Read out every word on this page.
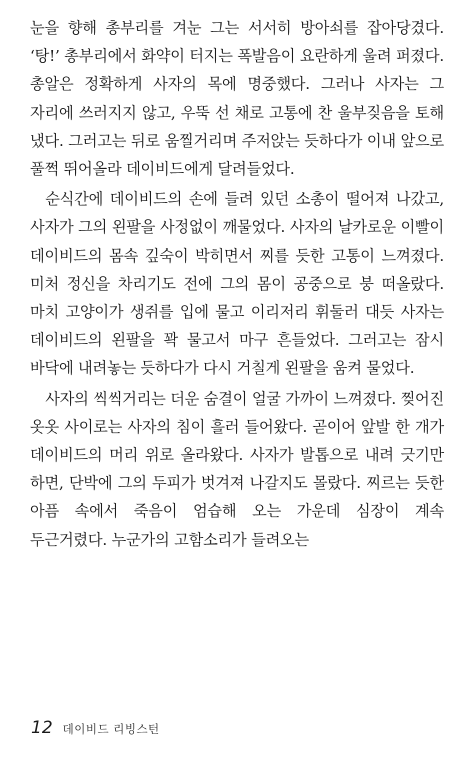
눈을 향해 총부리를 겨눈 그는 서서히 방아쇠를 잡아당겼다. ‘탕!’ 총부리에서 화약이 터지는 폭발음이 요란하게 울려 퍼졌다. 총알은 정확하게 사자의 목에 명중했다. 그러나 사자는 그 자리에 쓰러지지 않고, 우뚝 선 채로 고통에 찬 울부짖음을 토해 냈다. 그러고는 뒤로 움찔거리며 주저앉는 듯하다가 이내 앞으로 풀쩍 뛰어올라 데이비드에게 달려들었다.

순식간에 데이비드의 손에 들려 있던 소총이 떨어져 나갔고, 사자가 그의 왼팔을 사정없이 깨물었다. 사자의 날카로운 이빨이 데이비드의 몸속 깊숙이 박히면서 찌를 듯한 고통이 느껴졌다. 미처 정신을 차리기도 전에 그의 몸이 공중으로 붕 떠올랐다. 마치 고양이가 생쥐를 입에 물고 이리저리 휘둘러 대듯 사자는 데이비드의 왼팔을 꽉 물고서 마구 흔들었다. 그러고는 잠시 바닥에 내려놓는 듯하다가 다시 거칠게 왼팔을 움켜 물었다.

사자의 씩씩거리는 더운 숨결이 얼굴 가까이 느껴졌다. 찢어진 옷옷 사이로는 사자의 침이 흘러 들어왔다. 곧이어 앞발 한 개가 데이비드의 머리 위로 올라왔다. 사자가 발톱으로 내려 긋기만 하면, 단박에 그의 두피가 벗겨져 나갈지도 몰랐다. 찌르는 듯한 아픔 속에서 죽음이 엄습해 오는 가운데 심장이 계속 두근거렸다. 누군가의 고함소리가 들려오는

12 데이비드 리빙스턴
